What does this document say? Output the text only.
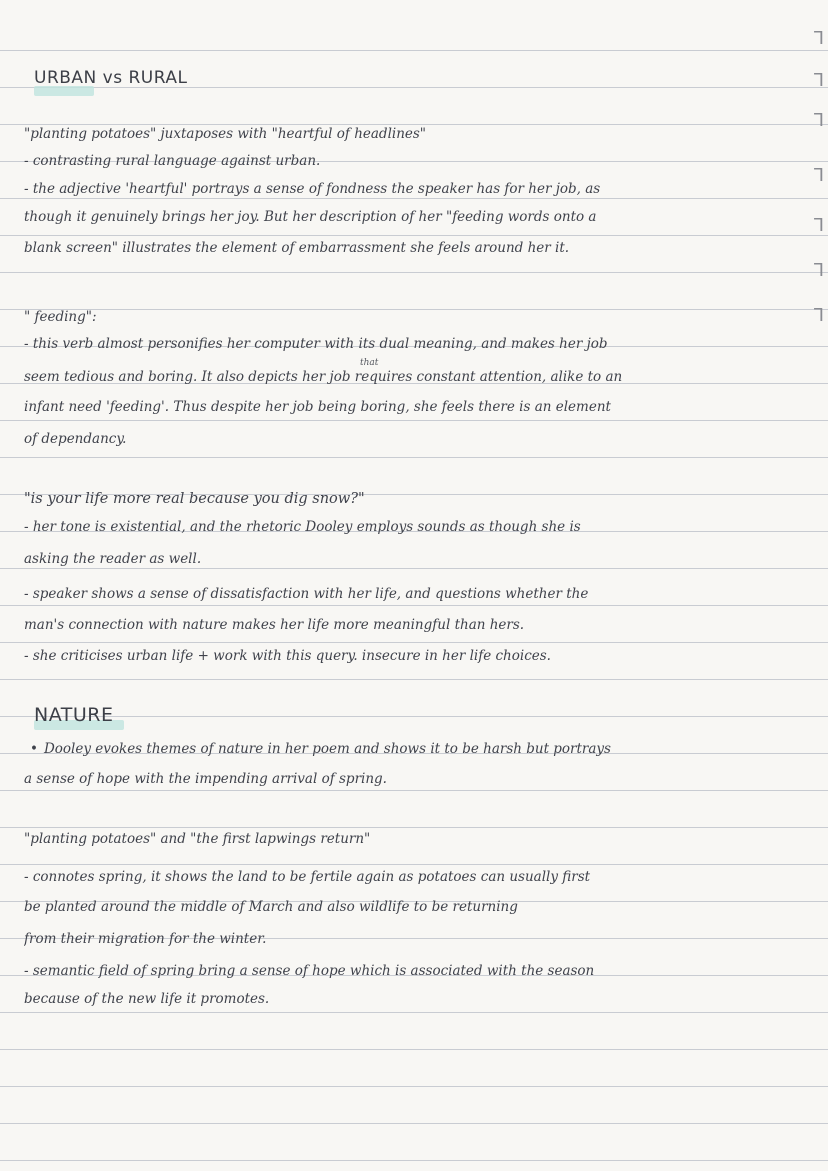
ꓶ
ꓶ
ꓶ
ꓶ
ꓶ
ꓶ
ꓶ
URBAN vs RURAL
"planting potatoes" juxtaposes with "heartful of headlines"
- contrasting rural language against urban.
- the adjective 'heartful' portrays a sense of fondness the speaker has for her job, as
though it genuinely brings her joy. But her description of her "feeding words onto a
blank screen" illustrates the element of embarrassment she feels around her it.
" feeding":
- this verb almost personifies her computer with its dual meaning, and makes her job
that
seem tedious and boring. It also depicts her job requires constant attention, alike to an
infant need 'feeding'. Thus despite her job being boring, she feels there is an element
of dependancy.
"is your life more real because you dig snow?"
- her tone is existential, and the rhetoric Dooley employs sounds as though she is
asking the reader as well.
- speaker shows a sense of dissatisfaction with her life, and questions whether the
man's connection with nature makes her life more meaningful than hers.
- she criticises urban life + work with this query. insecure in her life choices.
NATURE
• Dooley evokes themes of nature in her poem and shows it to be harsh but portrays
a sense of hope with the impending arrival of spring.
"planting potatoes" and "the first lapwings return"
- connotes spring, it shows the land to be fertile again as potatoes can usually first
be planted around the middle of March and also wildlife to be returning
from their migration for the winter.
- semantic field of spring bring a sense of hope which is associated with the season
because of the new life it promotes.
